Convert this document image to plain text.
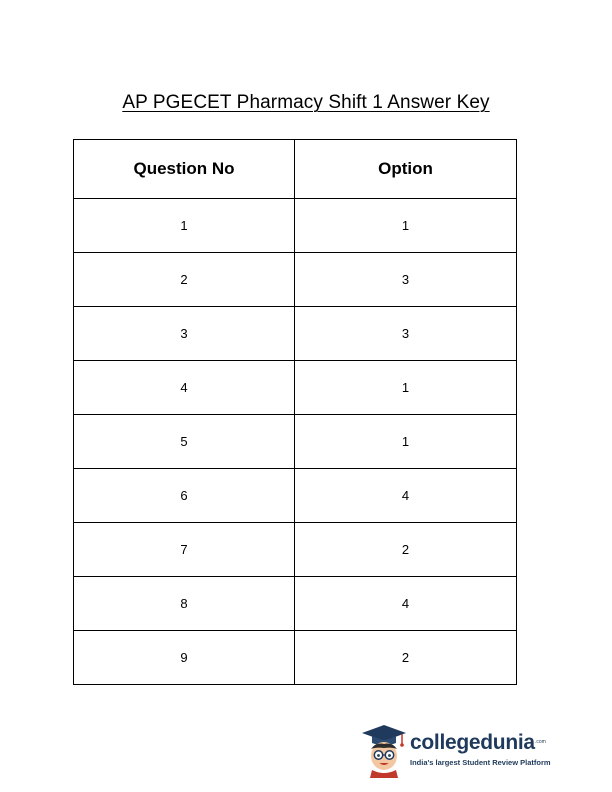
AP PGECET Pharmacy Shift 1 Answer Key
Question No	Option
1	1
2	3
3	3
4	1
5	1
6	4
7	2
8	4
9	2
collegedunia .com
India's largest Student Review Platform
